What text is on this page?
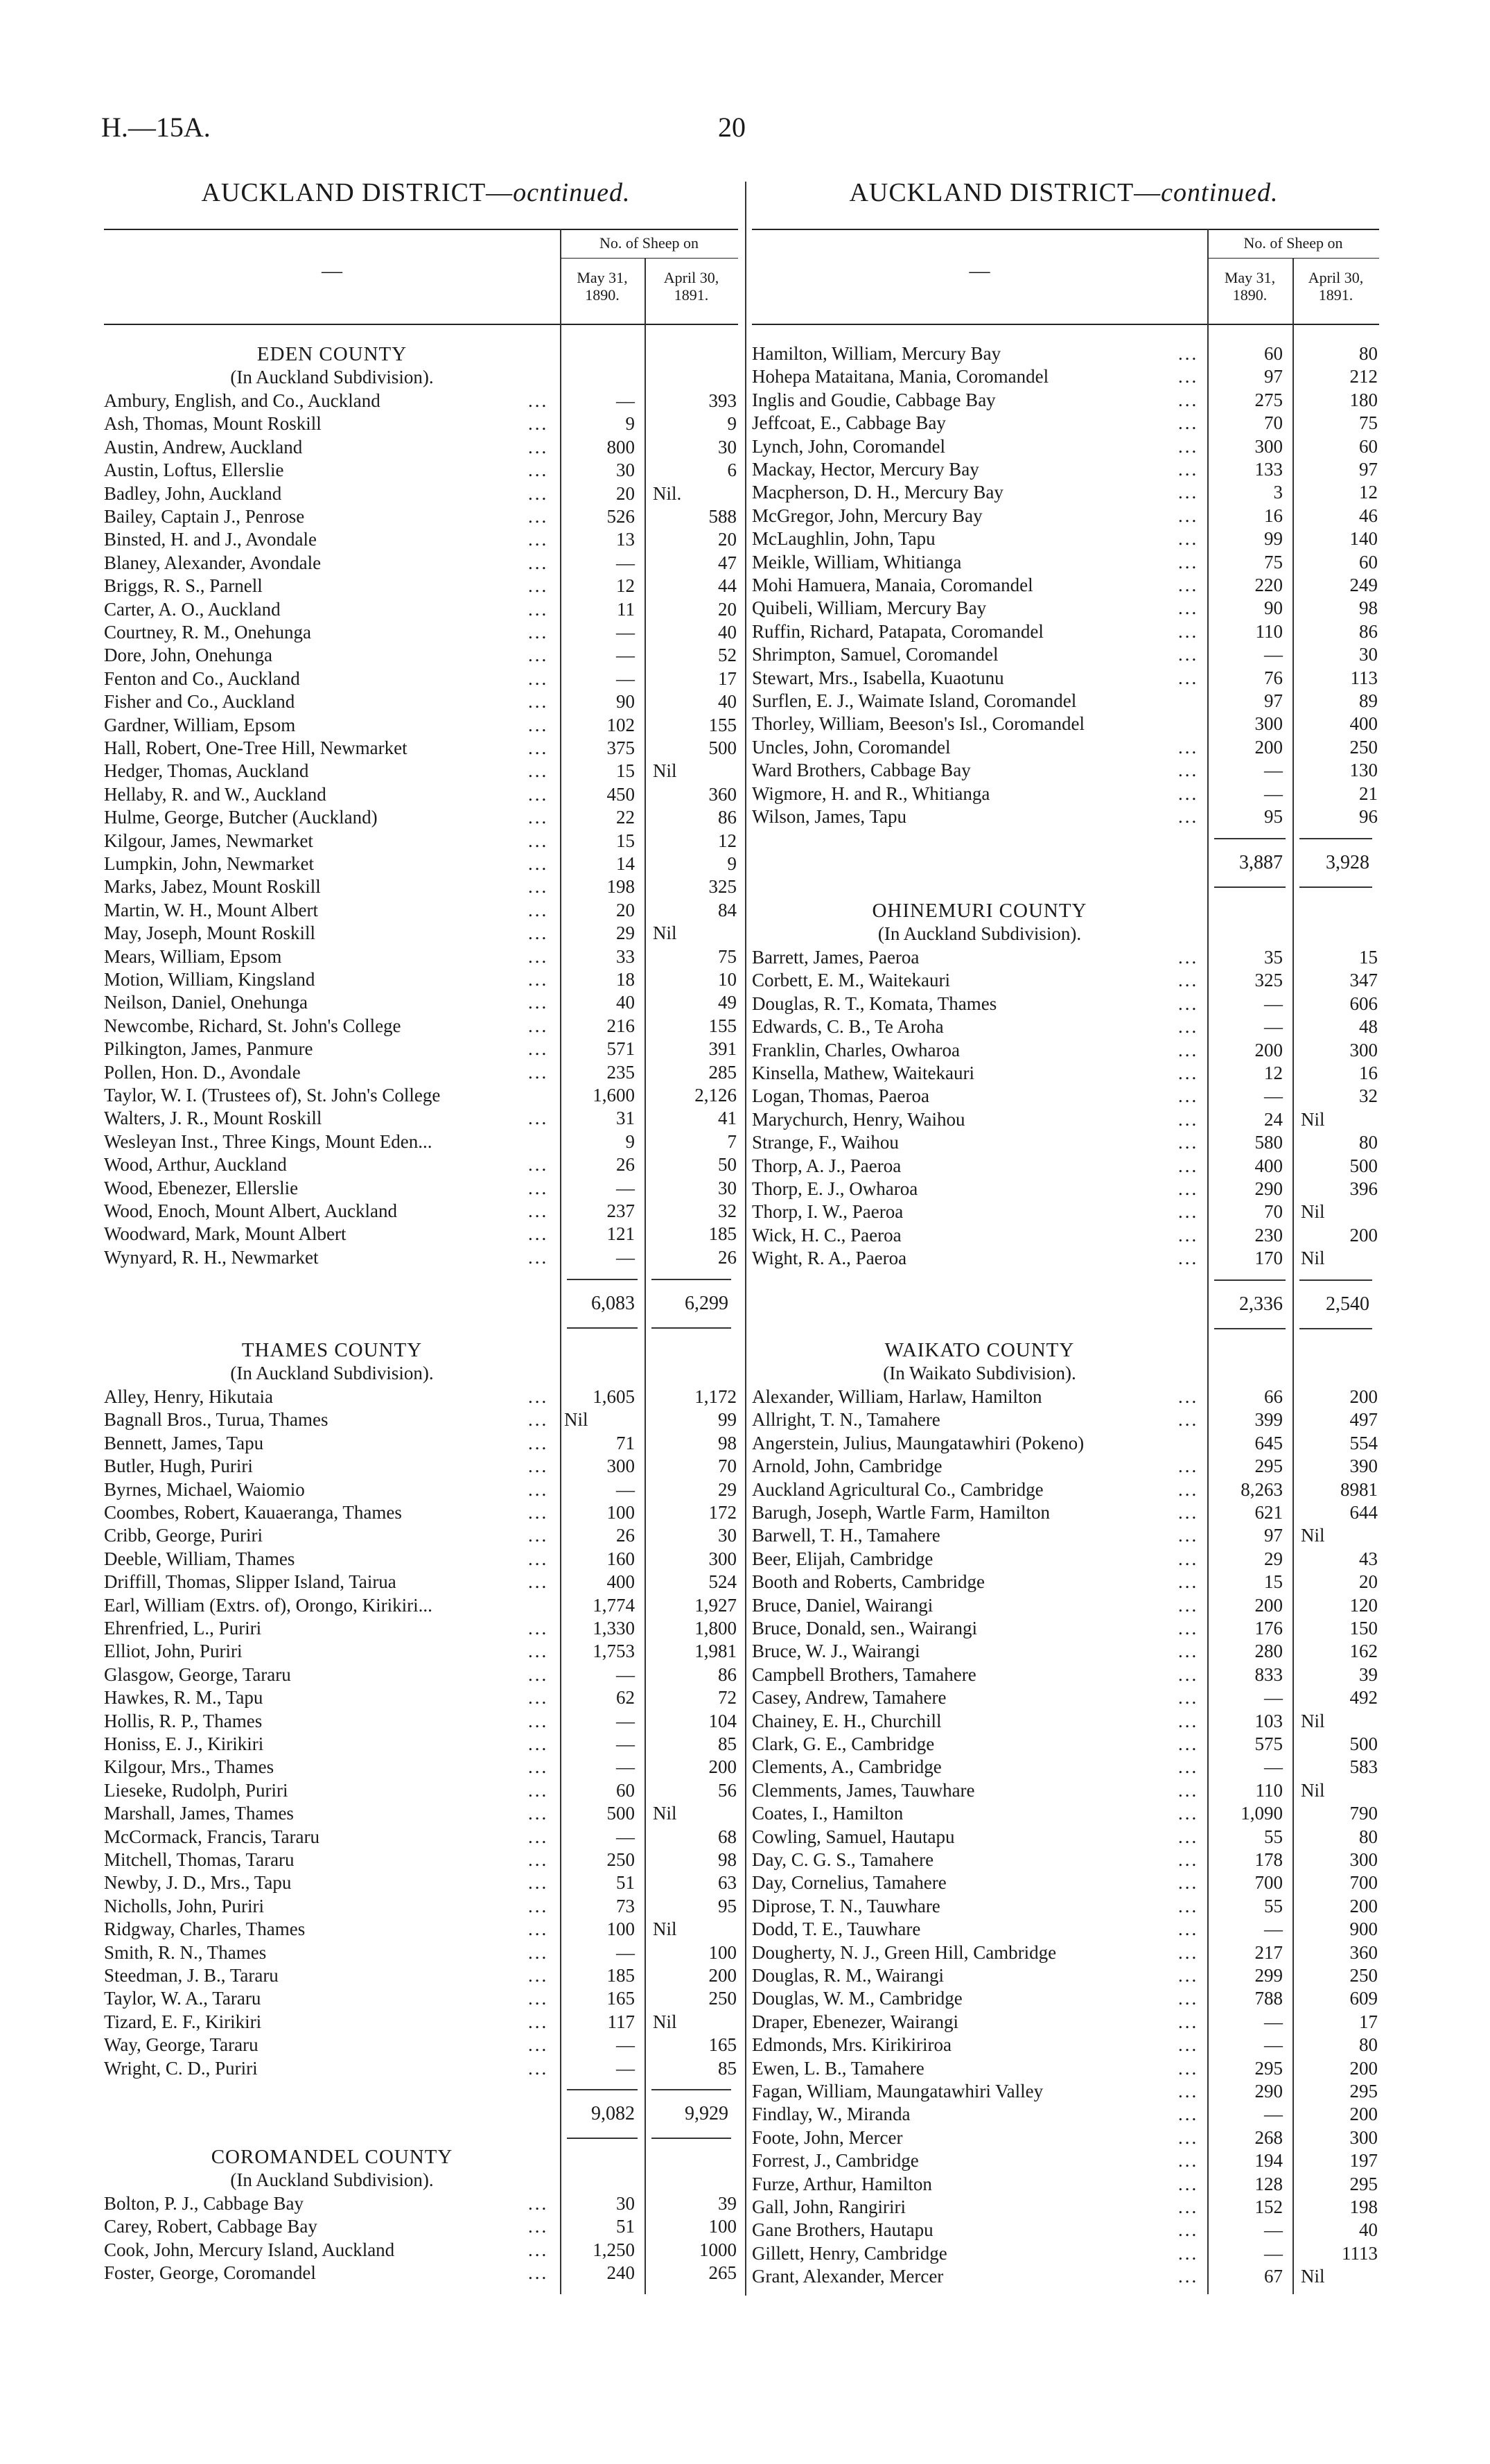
H.—15A.	20
AUCKLAND DISTRICT—ocntinued.	AUCKLAND DISTRICT—continued.
—
No. of Sheep on
May 31,
1890.
April 30,
1891.
—
No. of Sheep on
May 31,
1890.
April 30,
1891.
EDEN COUNTY
(In Auckland Subdivision).
Ambury, English, and Co., Auckland ...	—	393
Ash, Thomas, Mount Roskill ...	9	9
Austin, Andrew, Auckland ...	800	30
Austin, Loftus, Ellerslie ...	30	6
Badley, John, Auckland ...	20 Nil.
Bailey, Captain J., Penrose ...	526	588
Binsted, H. and J., Avondale ...	13	20
Blaney, Alexander, Avondale ...	—	47
Briggs, R. S., Parnell ...	12	44
Carter, A. O., Auckland ...	11	20
Courtney, R. M., Onehunga ...	—	40
Dore, John, Onehunga ...	—	52
Fenton and Co., Auckland ...	—	17
Fisher and Co., Auckland ...	90	40
Gardner, William, Epsom ...	102	155
Hall, Robert, One-Tree Hill, Newmarket ...	375	500
Hedger, Thomas, Auckland ...	15 Nil
Hellaby, R. and W., Auckland ...	450	360
Hulme, George, Butcher (Auckland) ...	22	86
Kilgour, James, Newmarket ...	15	12
Lumpkin, John, Newmarket ...	14	9
Marks, Jabez, Mount Roskill ...	198	325
Martin, W. H., Mount Albert ...	20	84
May, Joseph, Mount Roskill ...	29 Nil
Mears, William, Epsom ...	33	75
Motion, William, Kingsland ...	18	10
Neilson, Daniel, Onehunga ...	40	49
Newcombe, Richard, St. John's College ...	216	155
Pilkington, James, Panmure ...	571	391
Pollen, Hon. D., Avondale ...	235	285
Taylor, W. I. (Trustees of), St. John's College	1,600	2,126
Walters, J. R., Mount Roskill ...	31	41
Wesleyan Inst., Three Kings, Mount Eden...	9	7
Wood, Arthur, Auckland ...	26	50
Wood, Ebenezer, Ellerslie ...	—	30
Wood, Enoch, Mount Albert, Auckland ...	237	32
Woodward, Mark, Mount Albert ...	121	185
Wynyard, R. H., Newmarket ...	—	26
6,083	6,299
THAMES COUNTY
(In Auckland Subdivision).
Alley, Henry, Hikutaia ...	1,605	1,172
Bagnall Bros., Turua, Thames ...	Nil	99
Bennett, James, Tapu ...	71	98
Butler, Hugh, Puriri ...	300	70
Byrnes, Michael, Waiomio ...	—	29
Coombes, Robert, Kauaeranga, Thames ...	100	172
Cribb, George, Puriri ...	26	30
Deeble, William, Thames ...	160	300
Driffill, Thomas, Slipper Island, Tairua ...	400	524
Earl, William (Extrs. of), Orongo, Kirikiri...	1,774	1,927
Ehrenfried, L., Puriri ...	1,330	1,800
Elliot, John, Puriri ...	1,753	1,981
Glasgow, George, Tararu ...	—	86
Hawkes, R. M., Tapu ...	62	72
Hollis, R. P., Thames ...	—	104
Honiss, E. J., Kirikiri ...	—	85
Kilgour, Mrs., Thames ...	—	200
Lieseke, Rudolph, Puriri ...	60	56
Marshall, James, Thames ...	500 Nil
McCormack, Francis, Tararu ...	—	68
Mitchell, Thomas, Tararu ...	250	98
Newby, J. D., Mrs., Tapu ...	51	63
Nicholls, John, Puriri ...	73	95
Ridgway, Charles, Thames ...	100 Nil
Smith, R. N., Thames ...	—	100
Steedman, J. B., Tararu ...	185	200
Taylor, W. A., Tararu ...	165	250
Tizard, E. F., Kirikiri ...	117 Nil
Way, George, Tararu ...	—	165
Wright, C. D., Puriri ...	—	85
9,082	9,929
COROMANDEL COUNTY
(In Auckland Subdivision).
Bolton, P. J., Cabbage Bay ...	30	39
Carey, Robert, Cabbage Bay ...	51	100
Cook, John, Mercury Island, Auckland ...	1,250	1000
Foster, George, Coromandel ...	240	265
Hamilton, William, Mercury Bay ...	60	80
Hohepa Mataitana, Mania, Coromandel ...	97	212
Inglis and Goudie, Cabbage Bay ...	275	180
Jeffcoat, E., Cabbage Bay ...	70	75
Lynch, John, Coromandel ...	300	60
Mackay, Hector, Mercury Bay ...	133	97
Macpherson, D. H., Mercury Bay ...	3	12
McGregor, John, Mercury Bay ...	16	46
McLaughlin, John, Tapu ...	99	140
Meikle, William, Whitianga ...	75	60
Mohi Hamuera, Manaia, Coromandel ...	220	249
Quibeli, William, Mercury Bay ...	90	98
Ruffin, Richard, Patapata, Coromandel ...	110	86
Shrimpton, Samuel, Coromandel ...	—	30
Stewart, Mrs., Isabella, Kuaotunu ...	76	113
Surflen, E. J., Waimate Island, Coromandel	97	89
Thorley, William, Beeson's Isl., Coromandel	300	400
Uncles, John, Coromandel ...	200	250
Ward Brothers, Cabbage Bay ...	—	130
Wigmore, H. and R., Whitianga ...	—	21
Wilson, James, Tapu ...	95	96
3,887	3,928
OHINEMURI COUNTY
(In Auckland Subdivision).
Barrett, James, Paeroa ...	35	15
Corbett, E. M., Waitekauri ...	325	347
Douglas, R. T., Komata, Thames ...	—	606
Edwards, C. B., Te Aroha ...	—	48
Franklin, Charles, Owharoa ...	200	300
Kinsella, Mathew, Waitekauri ...	12	16
Logan, Thomas, Paeroa ...	—	32
Marychurch, Henry, Waihou ...	24 Nil
Strange, F., Waihou ...	580	80
Thorp, A. J., Paeroa ...	400	500
Thorp, E. J., Owharoa ...	290	396
Thorp, I. W., Paeroa ...	70 Nil
Wick, H. C., Paeroa ...	230	200
Wight, R. A., Paeroa ...	170 Nil
2,336	2,540
WAIKATO COUNTY
(In Waikato Subdivision).
Alexander, William, Harlaw, Hamilton ...	66	200
Allright, T. N., Tamahere ...	399	497
Angerstein, Julius, Maungatawhiri (Pokeno)	645	554
Arnold, John, Cambridge ...	295	390
Auckland Agricultural Co., Cambridge ...	8,263	8981
Barugh, Joseph, Wartle Farm, Hamilton ...	621	644
Barwell, T. H., Tamahere ...	97 Nil
Beer, Elijah, Cambridge ...	29	43
Booth and Roberts, Cambridge ...	15	20
Bruce, Daniel, Wairangi ...	200	120
Bruce, Donald, sen., Wairangi ...	176	150
Bruce, W. J., Wairangi ...	280	162
Campbell Brothers, Tamahere ...	833	39
Casey, Andrew, Tamahere ...	—	492
Chainey, E. H., Churchill ...	103 Nil
Clark, G. E., Cambridge ...	575	500
Clements, A., Cambridge ...	—	583
Clemments, James, Tauwhare ...	110 Nil
Coates, I., Hamilton ...	1,090	790
Cowling, Samuel, Hautapu ...	55	80
Day, C. G. S., Tamahere ...	178	300
Day, Cornelius, Tamahere ...	700	700
Diprose, T. N., Tauwhare ...	55	200
Dodd, T. E., Tauwhare ...	—	900
Dougherty, N. J., Green Hill, Cambridge ...	217	360
Douglas, R. M., Wairangi ...	299	250
Douglas, W. M., Cambridge ...	788	609
Draper, Ebenezer, Wairangi ...	—	17
Edmonds, Mrs. Kirikiriroa ...	—	80
Ewen, L. B., Tamahere ...	295	200
Fagan, William, Maungatawhiri Valley ...	290	295
Findlay, W., Miranda ...	—	200
Foote, John, Mercer ...	268	300
Forrest, J., Cambridge ...	194	197
Furze, Arthur, Hamilton ...	128	295
Gall, John, Rangiriri ...	152	198
Gane Brothers, Hautapu ...	—	40
Gillett, Henry, Cambridge ...	—	1113
Grant, Alexander, Mercer ...	67 Nil
